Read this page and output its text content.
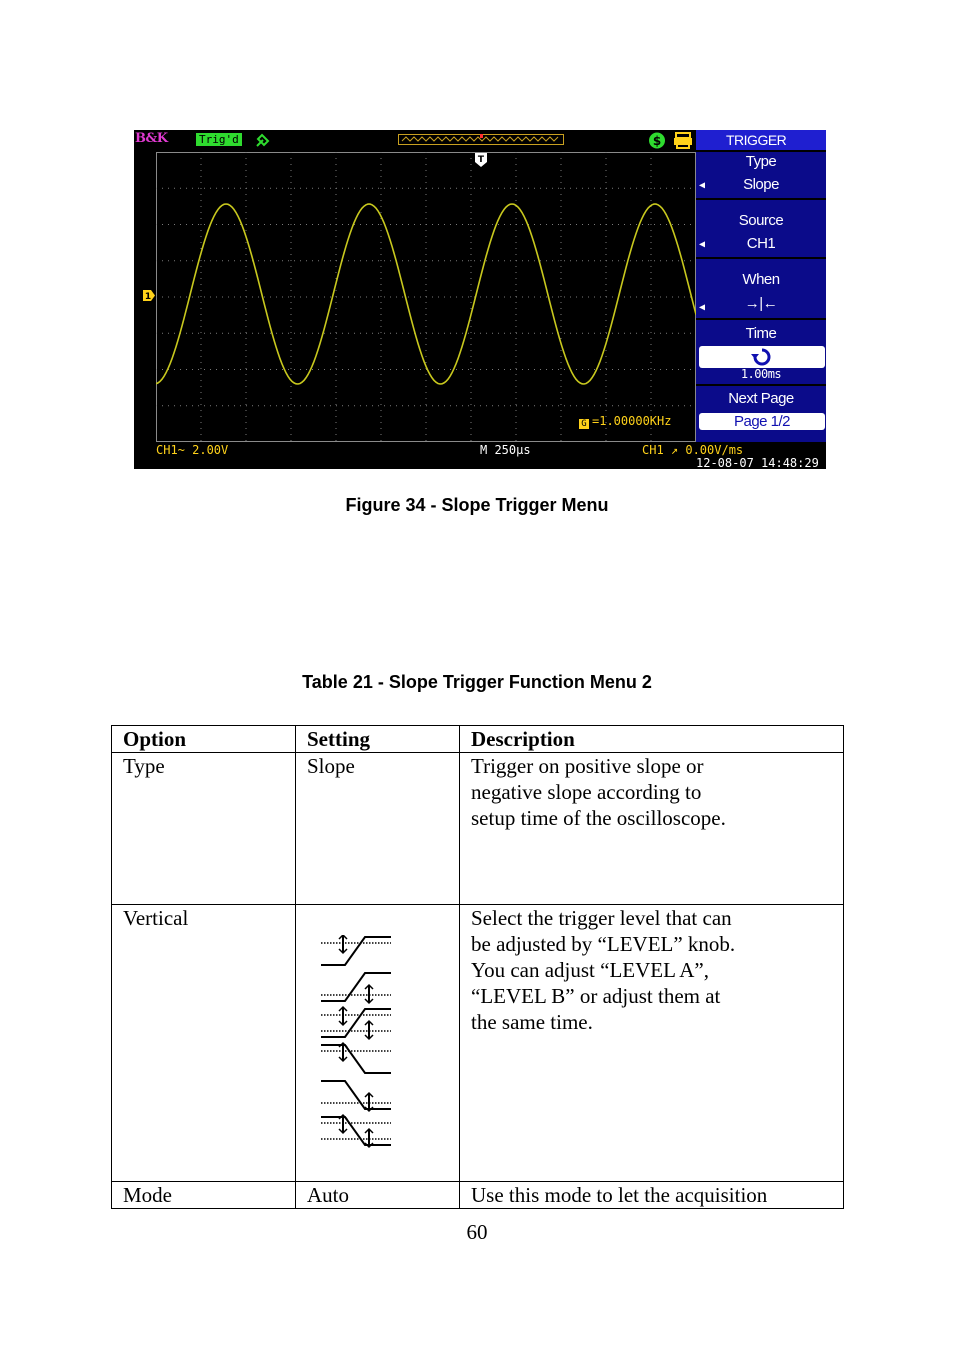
B&K	Trig'd	$
T
1
G =1.00000KHz
CH1~ 2.00V	M 250μs	CH1 ↗ 0.00V/ms
12-08-07 14:48:29
TRIGGER
Type
◀	Slope
Source
◀	CH1
When
◀	→|←
Time
1.00ms
Next Page
Page 1/2
Figure 34 - Slope Trigger Menu
Table 21 - Slope Trigger Function Menu 2
Option	Setting	Description
Type	Slope	Trigger on positive slope or
negative slope according to
setup time of the oscilloscope.
Vertical		Select the trigger level that can
be adjusted by “LEVEL” knob.
You can adjust “LEVEL A”,
“LEVEL B” or adjust them at
the same time.
Mode	Auto	Use this mode to let the acquisition
60
